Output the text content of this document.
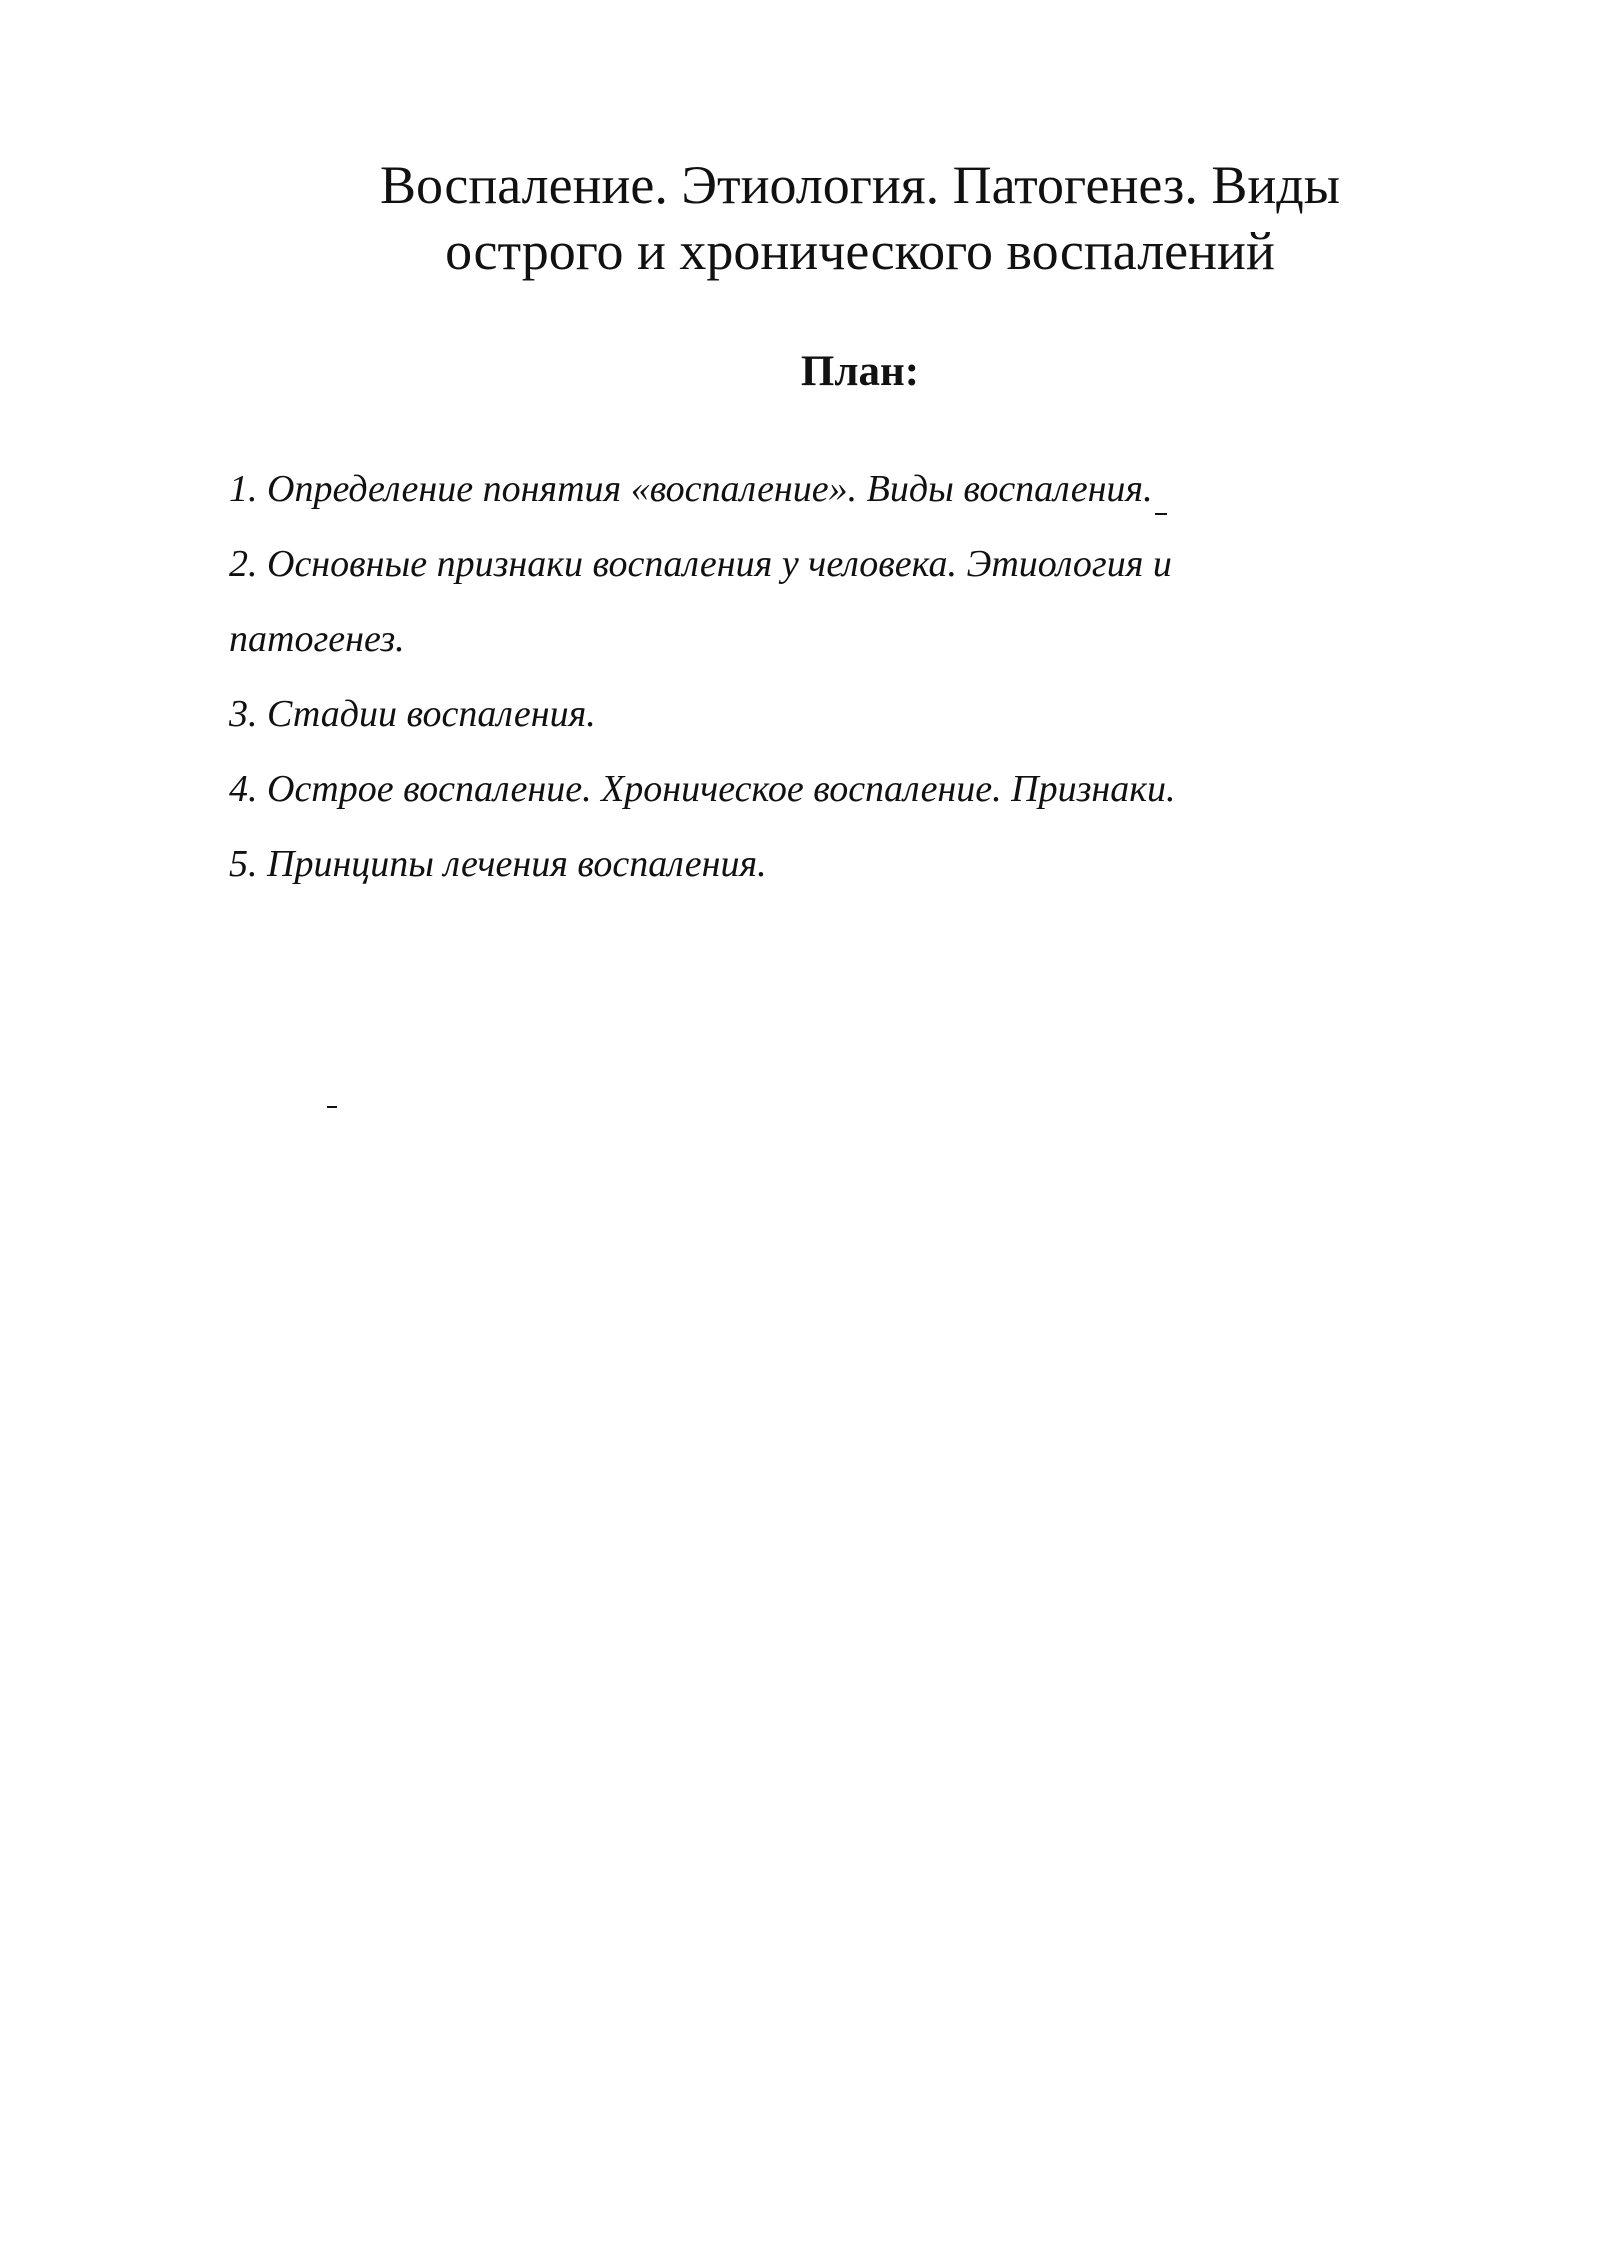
Воспаление. Этиология. Патогенез. Виды
острого и хронического воспалений
План:
1. Определение понятия «воспаление». Виды воспаления.
2. Основные признаки воспаления у человека. Этиология и
патогенез.
3. Стадии воспаления.
4. Острое воспаление. Хроническое воспаление. Признаки.
5. Принципы лечения воспаления.
